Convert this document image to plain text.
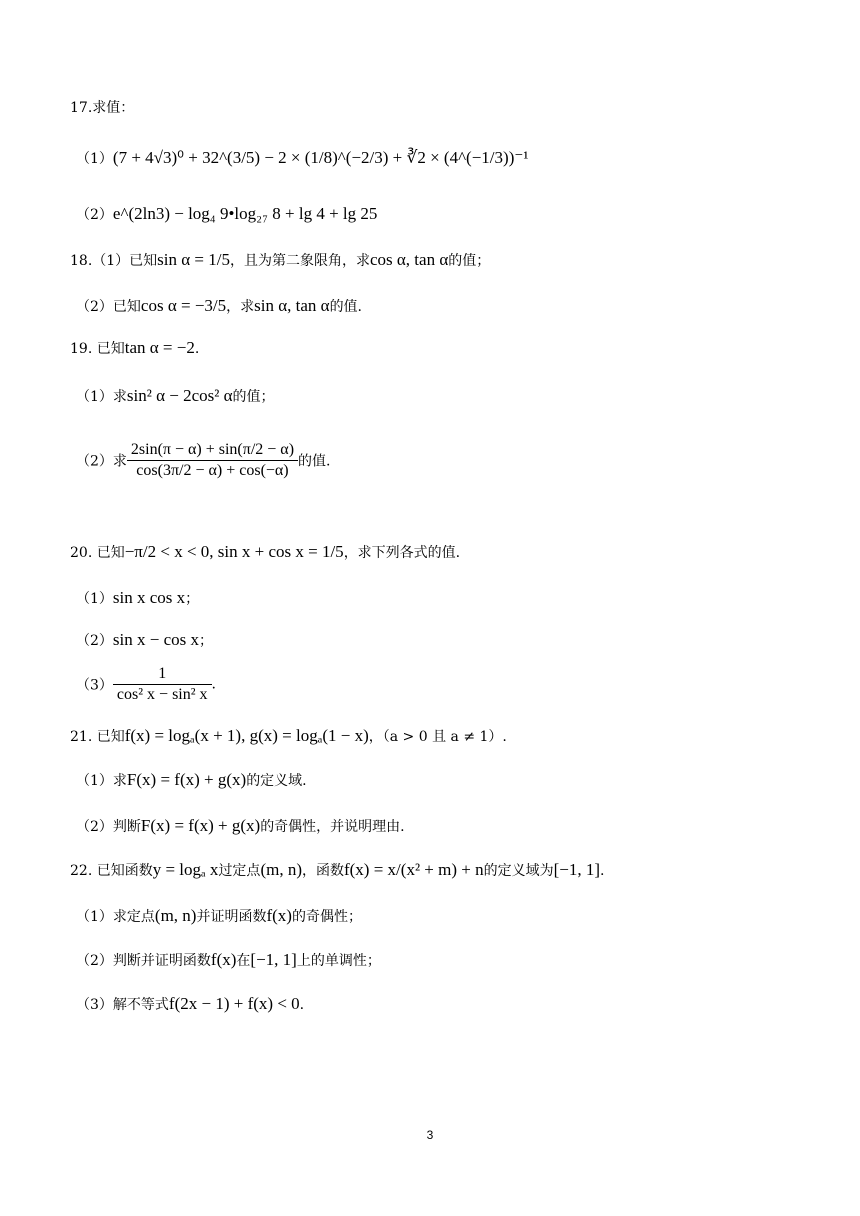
17.求值：
（1）(7 + 4√3)⁰ + 32^(3/5) − 2 × (1/8)^(−2/3) + ∛2 × (4^(−1/3))⁻¹
（2）e^(2ln3) − log₄ 9•log₂₇ 8 + lg 4 + lg 25
18.（1）已知sin α = 1/5，且为第二象限角，求cos α, tan α的值；
（2）已知cos α = −3/5，求sin α, tan α的值.
19. 已知tan α = −2.
（1）求sin² α − 2cos² α的值；
（2）求 $\frac{2\sin(\pi - \alpha) + \sin(\pi/2 - \alpha)}{\cos(3\pi/2 - \alpha) + \cos(-\alpha)}$ 的值.
20. 已知−π/2 < x < 0, sin x + cos x = 1/5，求下列各式的值.
（1）sin x cos x；
（2）sin x − cos x；
$(3) \frac{1}{\text{cos² x − sin² x}}$ .
21. 已知f(x) = logₐ(x + 1), g(x) = logₐ(1 − x)，（a > 0 且 a ≠ 1）.
（1）求F(x) = f(x) + g(x)的定义域.
（2）判断F(x) = f(x) + g(x)的奇偶性，并说明理由.
22. 已知函数y = logₐ x过定点(m, n)，函数f(x) = x/(x² + m) + n的定义域为[−1, 1].
（1）求定点(m, n)并证明函数f(x)的奇偶性；
（2）判断并证明函数f(x)在[−1, 1]上的单调性；
（3）解不等式f(2x − 1) + f(x) < 0.
3
